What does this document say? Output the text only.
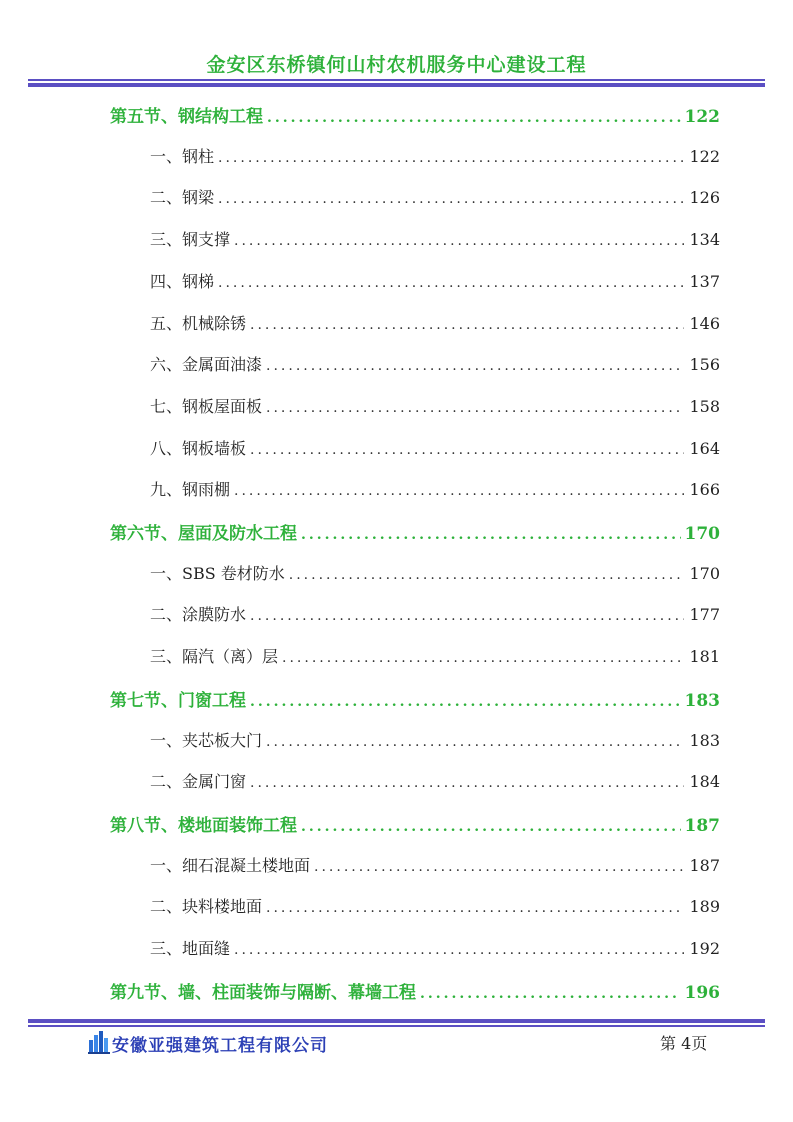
金安区东桥镇何山村农机服务中心建设工程
第五节、钢结构工程 .....	122
一、钢柱 .....	122
二、钢梁 .....	126
三、钢支撑 .....	134
四、钢梯 .....	137
五、机械除锈 .....	146
六、金属面油漆 .....	156
七、钢板屋面板 .....	158
八、钢板墙板 .....	164
九、钢雨棚 .....	166
第六节、屋面及防水工程 .....	170
一、SBS 卷材防水 .....	170
二、涂膜防水 .....	177
三、隔汽（离）层 .....	181
第七节、门窗工程 .....	183
一、夹芯板大门 .....	183
二、金属门窗 .....	184
第八节、楼地面装饰工程 .....	187
一、细石混凝土楼地面 .....	187
二、块料楼地面 .....	189
三、地面缝 .....	192
第九节、墙、柱面装饰与隔断、幕墙工程 .....	196
安徽亚强建筑工程有限公司	第 4页
